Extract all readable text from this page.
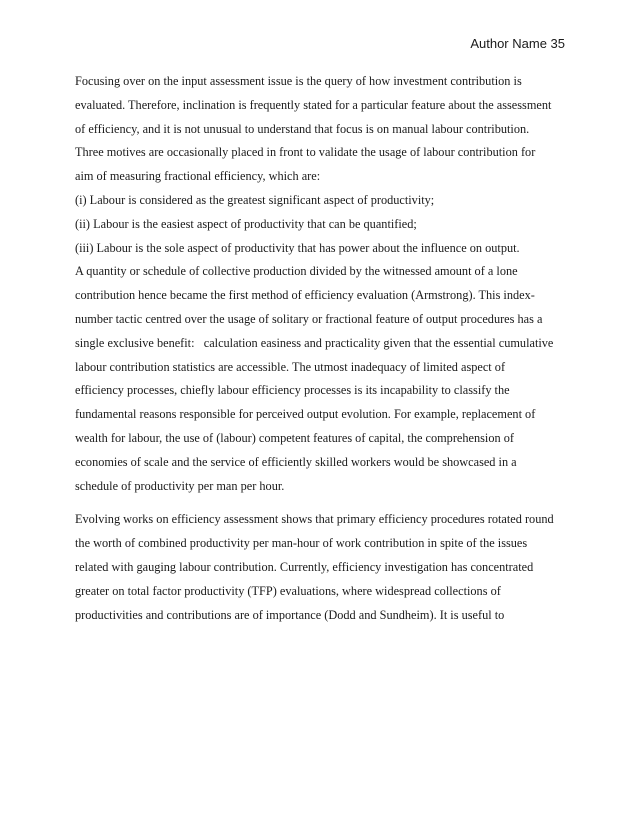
Author Name 35
Focusing over on the input assessment issue is the query of how investment contribution is
evaluated. Therefore, inclination is frequently stated for a particular feature about the assessment
of efficiency, and it is not unusual to understand that focus is on manual labour contribution.
Three motives are occasionally placed in front to validate the usage of labour contribution for
aim of measuring fractional efficiency, which are:
(i) Labour is considered as the greatest significant aspect of productivity;
(ii) Labour is the easiest aspect of productivity that can be quantified;
(iii) Labour is the sole aspect of productivity that has power about the influence on output.
A quantity or schedule of collective production divided by the witnessed amount of a lone
contribution hence became the first method of efficiency evaluation (Armstrong). This index-
number tactic centred over the usage of solitary or fractional feature of output procedures has a
single exclusive benefit:   calculation easiness and practicality given that the essential cumulative
labour contribution statistics are accessible. The utmost inadequacy of limited aspect of
efficiency processes, chiefly labour efficiency processes is its incapability to classify the
fundamental reasons responsible for perceived output evolution. For example, replacement of
wealth for labour, the use of (labour) competent features of capital, the comprehension of
economies of scale and the service of efficiently skilled workers would be showcased in a
schedule of productivity per man per hour.
Evolving works on efficiency assessment shows that primary efficiency procedures rotated round
the worth of combined productivity per man-hour of work contribution in spite of the issues
related with gauging labour contribution. Currently, efficiency investigation has concentrated
greater on total factor productivity (TFP) evaluations, where widespread collections of
productivities and contributions are of importance (Dodd and Sundheim). It is useful to
